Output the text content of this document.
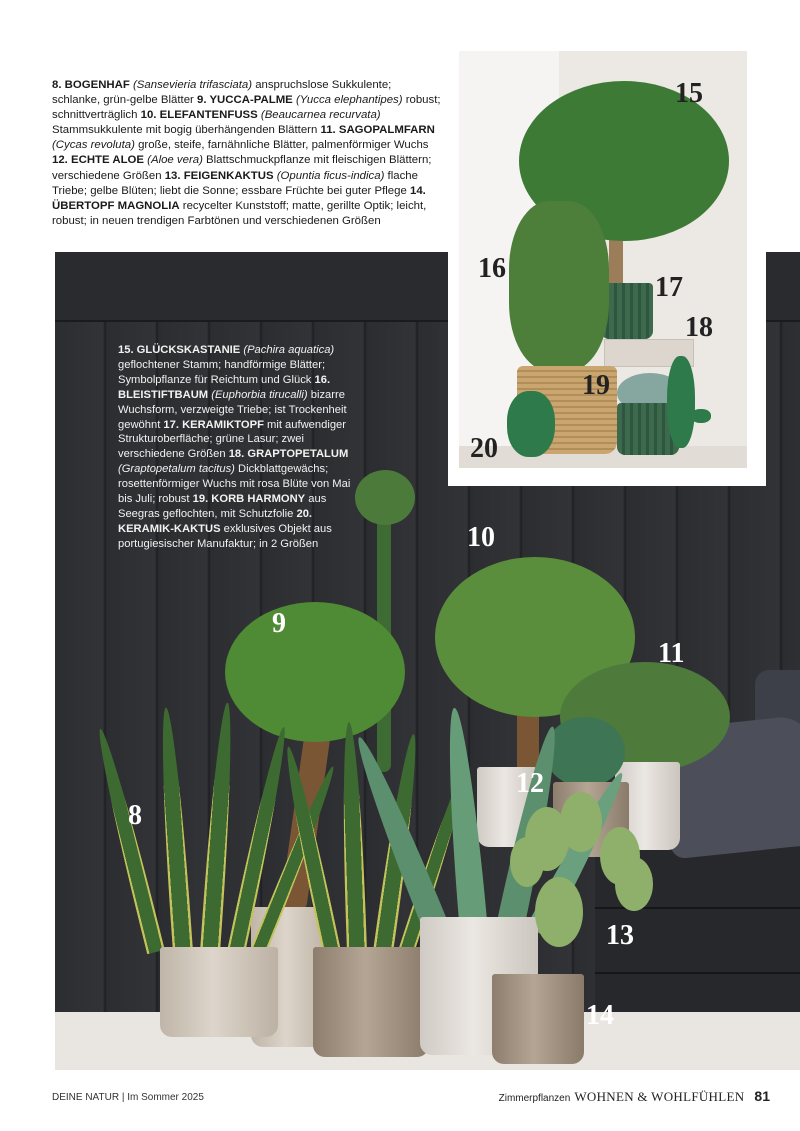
8. BOGENHAF (Sansevieria trifasciata) anspruchslose Sukkulente; schlanke, grün-gelbe Blätter 9. YUCCA-PALME (Yucca elephantipes) robust; schnittverträglich 10. ELEFANTENFUSS (Beaucarnea recurvata) Stammsukkulente mit bogig überhängenden Blättern 11. SAGOPALMFARN (Cycas revoluta) große, steife, farnähnliche Blätter, palmenförmiger Wuchs 12. ECHTE ALOE (Aloe vera) Blattschmuckpflanze mit fleischigen Blättern; verschiedene Größen 13. FEIGENKAKTUS (Opuntia ficus-indica) flache Triebe; gelbe Blüten; liebt die Sonne; essbare Früchte bei guter Pflege 14. ÜBERTOPF MAGNOLIA recycelter Kunststoff; matte, gerillte Optik; leicht, robust; in neuen trendigen Farbtönen und verschiedenen Größen
15. GLÜCKSKASTANIE (Pachira aquatica) geflochtener Stamm; handförmige Blätter; Symbolpflanze für Reichtum und Glück 16. BLEISTIFTBAUM (Euphorbia tirucalli) bizarre Wuchsform, verzweigte Triebe; ist Trockenheit gewöhnt 17. KERAMIKTOPF mit aufwendiger Strukturoberfläche; grüne Lasur; zwei verschiedene Größen 18. GRAPTOPETALUM (Graptopetalum tacitus) Dickblattgewächs; rosettenförmiger Wuchs mit rosa Blüte von Mai bis Juli; robust 19. KORB HARMONY aus Seegras geflochten, mit Schutzfolie 20. KERAMIK-KAKTUS exklusives Objekt aus portugiesischer Manufaktur; in 2 Größen
8
9
10
11
12
13
14
15
16
17
18
19
20
DEINE NATUR | Im Sommer 2025	Zimmerpflanzen WOHNEN & WOHLFÜHLEN 81
